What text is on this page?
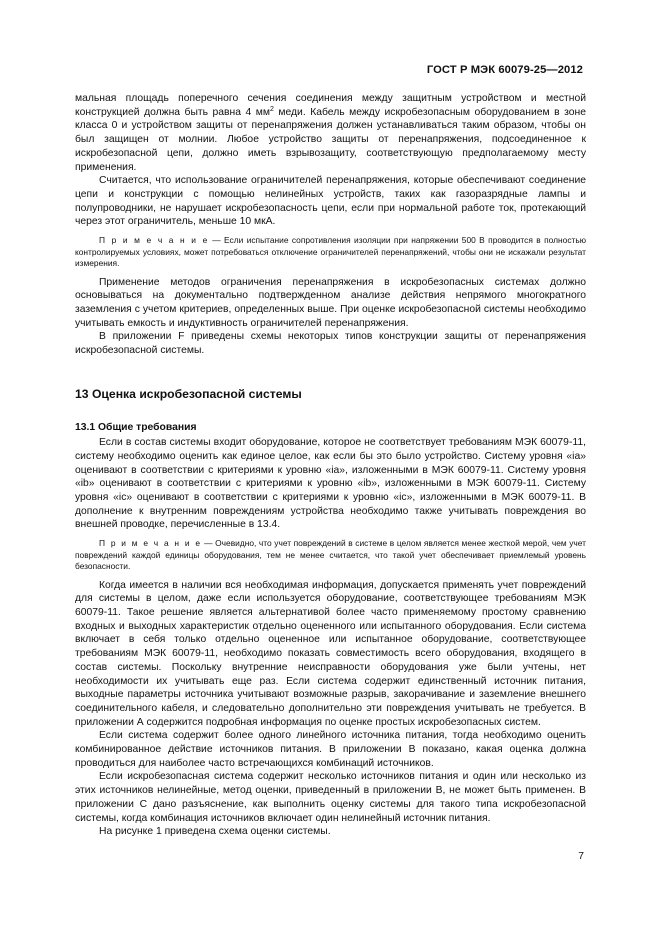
ГОСТ Р МЭК 60079-25—2012

мальная площадь поперечного сечения соединения между защитным устройством и местной конструкцией должна быть равна 4 $мм^2$ меди. Кабель между искробезопасным оборудованием в зоне класса 0 и устройством защиты от перенапряжения должен устанавливаться таким образом, чтобы он был защищен от молнии. Любое устройство защиты от перенапряжения, подсоединенное к искробезопасной цепи, должно иметь взрывозащиту, соответствующую предполагаемому месту применения.

Считается, что использование ограничителей перенапряжения, которые обеспечивают соединение цепи и конструкции с помощью нелинейных устройств, таких как газоразрядные лампы и полупроводники, не нарушает искробезопасность цепи, если при нормальной работе ток, протекающий через этот ограничитель, меньше 10 мкА.

П р и м е ч а н и е — Если испытание сопротивления изоляции при напряжении 500 В проводится в полностью контролируемых условиях, может потребоваться отключение ограничителей перенапряжений, чтобы они не искажали результат измерения.

Применение методов ограничения перенапряжения в искробезопасных системах должно основываться на документально подтвержденном анализе действия непрямого многократного заземления с учетом критериев, определенных выше. При оценке искробезопасной системы необходимо учитывать емкость и индуктивность ограничителей перенапряжения.

В приложении F приведены схемы некоторых типов конструкции защиты от перенапряжения искробезопасной системы.

13 Оценка искробезопасной системы

13.1 Общие требования

Если в состав системы входит оборудование, которое не соответствует требованиям МЭК 60079-11, систему необходимо оценить как единое целое, как если бы это было устройство. Систему уровня «ia» оценивают в соответствии с критериями к уровню «ia», изложенными в МЭК 60079-11. Систему уровня «ib» оценивают в соответствии с критериями к уровню «ib», изложенными в МЭК 60079-11. Систему уровня «ic» оценивают в соответствии с критериями к уровню «ic», изложенными в МЭК 60079-11. В дополнение к внутренним повреждениям устройства необходимо также учитывать повреждения во внешней проводке, перечисленные в 13.4.

П р и м е ч а н и е — Очевидно, что учет повреждений в системе в целом является менее жесткой мерой, чем учет повреждений каждой единицы оборудования, тем не менее считается, что такой учет обеспечивает приемлемый уровень безопасности.

Когда имеется в наличии вся необходимая информация, допускается применять учет повреждений для системы в целом, даже если используется оборудование, соответствующее требованиям МЭК 60079-11. Такое решение является альтернативой более часто применяемому простому сравнению входных и выходных характеристик отдельно оцененного или испытанного оборудования. Если система включает в себя только отдельно оцененное или испытанное оборудование, соответствующее требованиям МЭК 60079-11, необходимо показать совместимость всего оборудования, входящего в состав системы. Поскольку внутренние неисправности оборудования уже были учтены, нет необходимости их учитывать еще раз. Если система содержит единственный источник питания, выходные параметры источника учитывают возможные разрыв, закорачивание и заземление внешнего соединительного кабеля, и следовательно дополнительно эти повреждения учитывать не требуется. В приложении А содержится подробная информация по оценке простых искробезопасных систем.

Если система содержит более одного линейного источника питания, тогда необходимо оценить комбинированное действие источников питания. В приложении В показано, какая оценка должна проводиться для наиболее часто встречающихся комбинаций источников.

Если искробезопасная система содержит несколько источников питания и один или несколько из этих источников нелинейные, метод оценки, приведенный в приложении В, не может быть применен. В приложении С дано разъяснение, как выполнить оценку системы для такого типа искробезопасной системы, когда комбинация источников включает один нелинейный источник питания.

На рисунке 1 приведена схема оценки системы.

7
